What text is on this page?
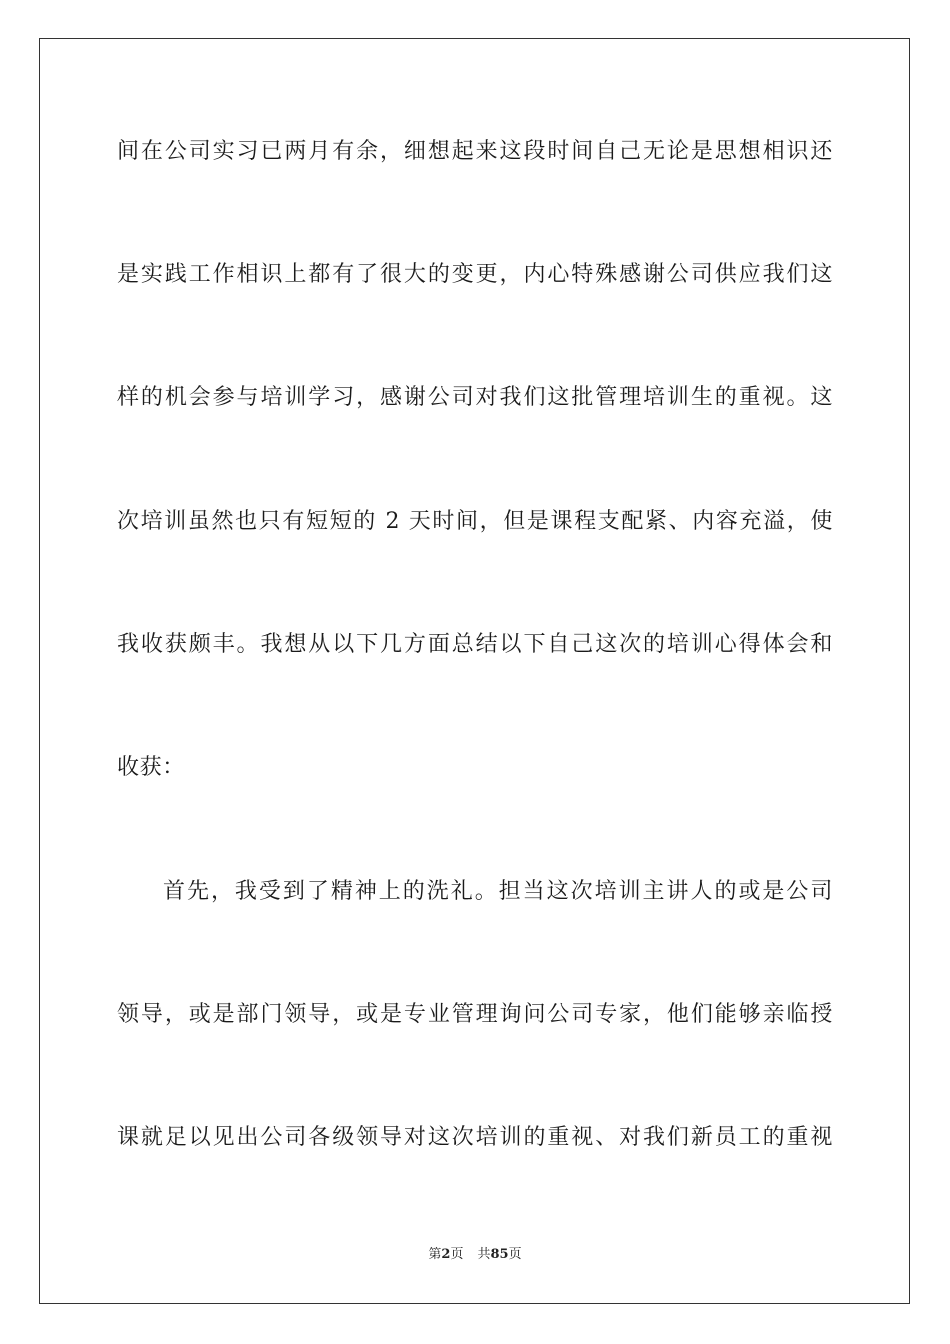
间在公司实习已两月有余，细想起来这段时间自己无论是思想相识还
是实践工作相识上都有了很大的变更，内心特殊感谢公司供应我们这
样的机会参与培训学习，感谢公司对我们这批管理培训生的重视。这
次培训虽然也只有短短的 2 天时间，但是课程支配紧、内容充溢，使
我收获颇丰。我想从以下几方面总结以下自己这次的培训心得体会和
收获：
首先，我受到了精神上的洗礼。担当这次培训主讲人的或是公司
领导，或是部门领导，或是专业管理询问公司专家，他们能够亲临授
课就足以见出公司各级领导对这次培训的重视、对我们新员工的重视
第2页 共85页
